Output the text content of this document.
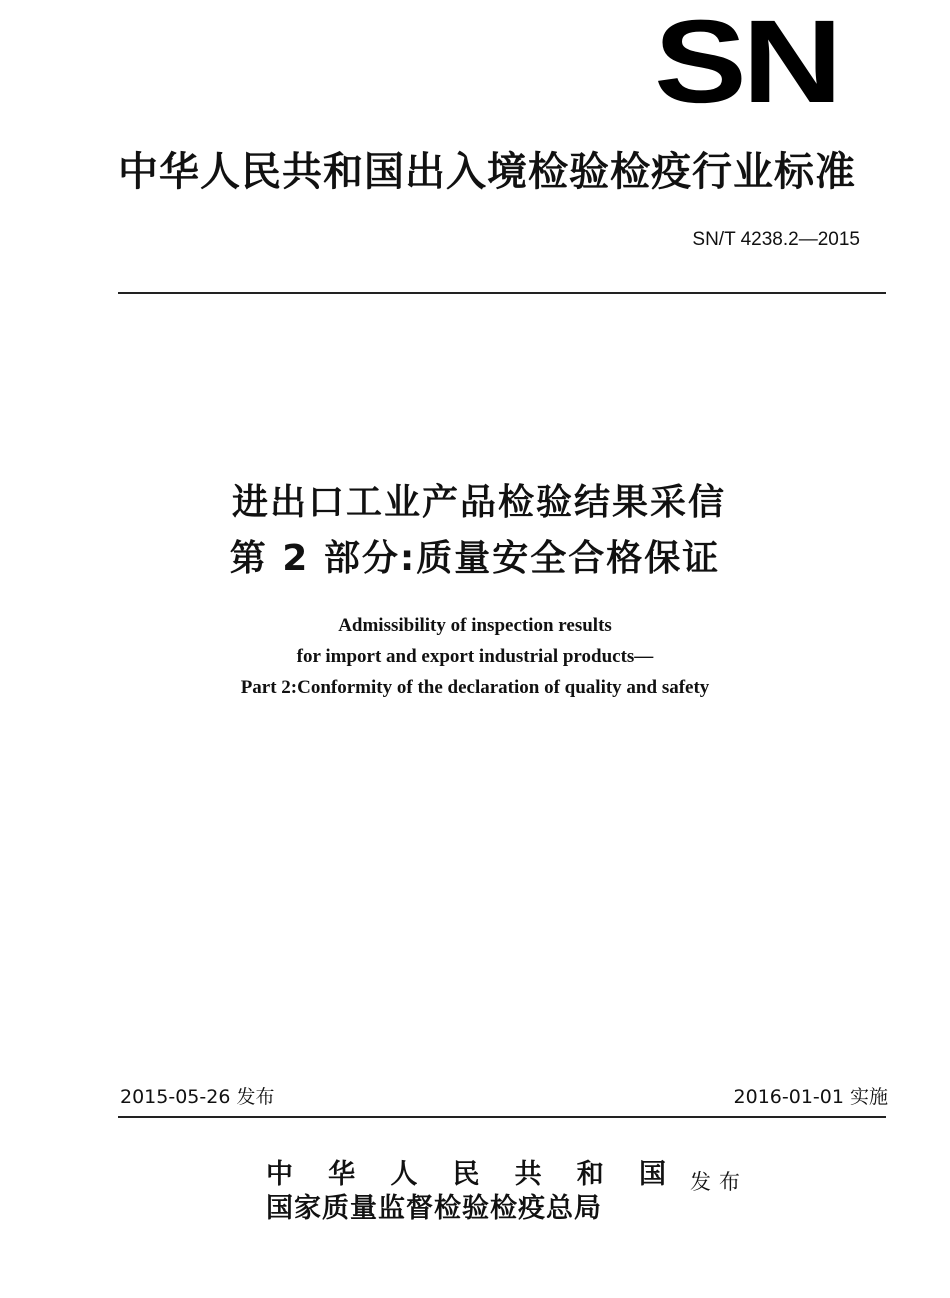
SN
中华人民共和国出入境检验检疫行业标准
SN/T 4238.2—2015
进出口工业产品检验结果采信
第 2 部分:质量安全合格保证
Admissibility of inspection results
for import and export industrial products—
Part 2:Conformity of the declaration of quality and safety
2015-05-26 发布	2016-01-01 实施
中 华 人 民 共 和 国
国家质量监督检验检疫总局
发布
